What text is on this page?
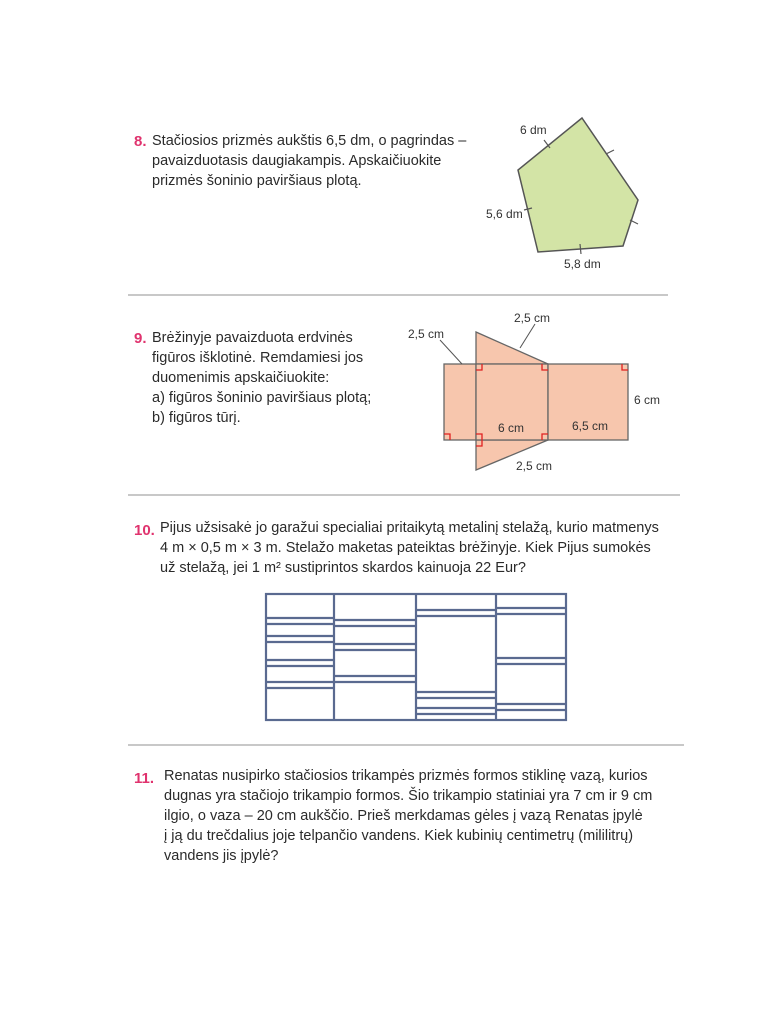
8. Stačiosios prizmės aukštis 6,5 dm, o pagrindas –
pavaizduotasis daugiakampis. Apskaičiuokite
prizmės šoninio paviršiaus plotą.
6 dm
5,6 dm
5,8 dm
9. Brėžinyje pavaizduota erdvinės
figūros išklotinė. Remdamiesi jos
duomenimis apskaičiuokite:
a) figūros šoninio paviršiaus plotą;
b) figūros tūrį.
2,5 cm
2,5 cm
6 cm
6 cm	6,5 cm
2,5 cm
10. Pijus užsisakė jo garažui specialiai pritaikytą metalinį stelažą, kurio matmenys
4 m × 0,5 m × 3 m. Stelažo maketas pateiktas brėžinyje. Kiek Pijus sumokės
už stelažą, jei 1 m² sustiprintos skardos kainuoja 22 Eur?
11. Renatas nusipirko stačiosios trikampės prizmės formos stiklinę vazą, kurios
dugnas yra stačiojo trikampio formos. Šio trikampio statiniai yra 7 cm ir 9 cm
ilgio, o vaza – 20 cm aukščio. Prieš merkdamas gėles į vazą Renatas įpylė
į ją du trečdalius joje telpančio vandens. Kiek kubinių centimetrų (mililitrų)
vandens jis įpylė?
